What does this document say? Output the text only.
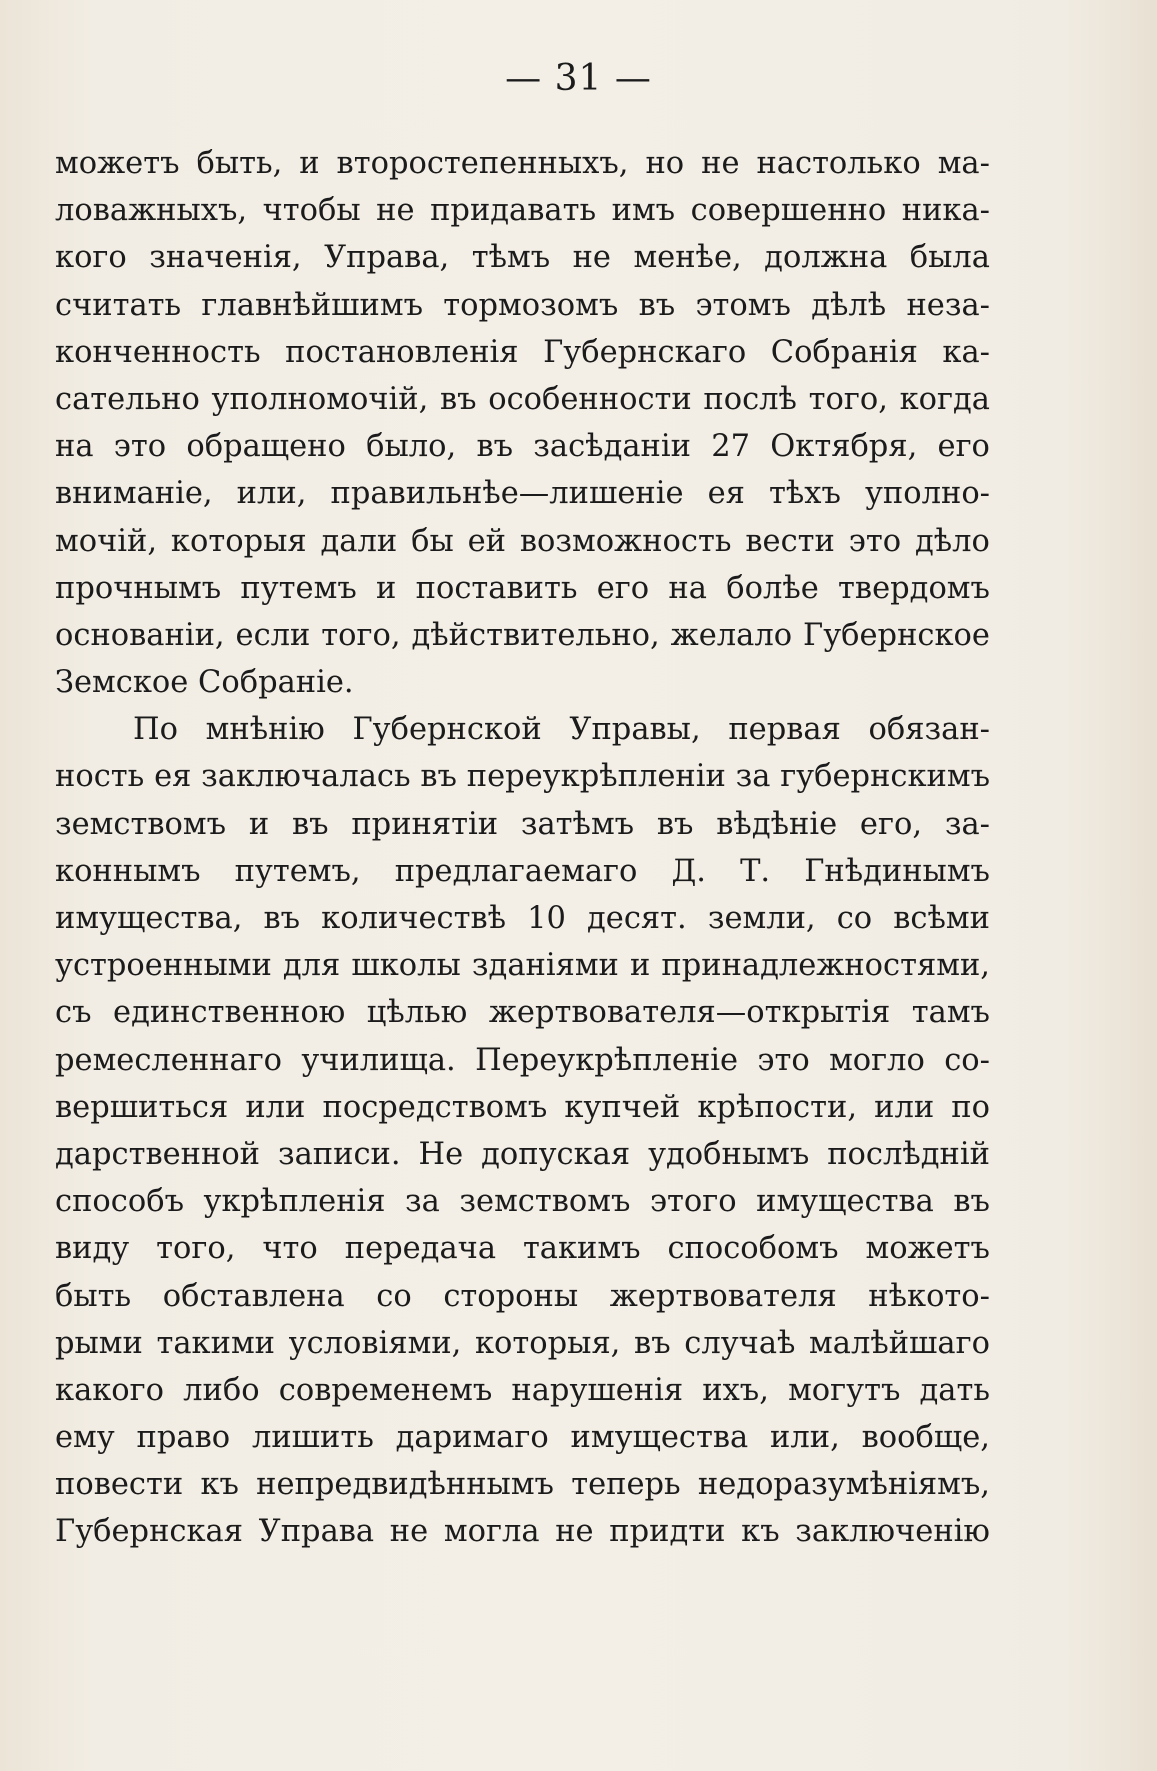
— 31 —
можетъ быть, и второстепенныхъ, но не настолько ма-
ловажныхъ, чтобы не придавать имъ совершенно никa-
кого значенія, Управа, тѣмъ не менѣе, должна была
считать главнѣйшимъ тормозомъ въ этомъ дѣлѣ неза-
конченность постановленія Губернскаго Собранія ка-
сательно уполномочій, въ особенности послѣ того, когда
на это обращено было, въ засѣданіи 27 Октября, его
вниманіе, или, правильнѣе—лишеніе ея тѣхъ уполно-
мочій, которыя дали бы ей возможность вести это дѣло
прочнымъ путемъ и поставить его на болѣе твердомъ
основаніи, если того, дѣйствительно, желало Губернское
Земское Собраніе.
По мнѣнію Губернской Управы, первая обязан-
ность ея заключалась въ переукрѣпленіи за губернскимъ
земствомъ и въ принятіи затѣмъ въ вѣдѣніе его, за-
коннымъ путемъ, предлагаемаго Д. Т. Гнѣдинымъ
имущества, въ количествѣ 10 десят. земли, со всѣми
устроенными для школы зданіями и принадлежностями,
съ единственною цѣлью жертвователя—открытія тамъ
ремесленнаго училища. Переукрѣпленіе это могло со-
вершиться или посредствомъ купчей крѣпости, или по
дарственной записи. Не допуская удобнымъ послѣдній
способъ укрѣпленія за земствомъ этого имущества въ
виду того, что передача такимъ способомъ можетъ
быть обставлена со стороны жертвователя нѣкото-
рыми такими условіями, которыя, въ случаѣ малѣйшаго
какого либо современемъ нарушенія ихъ, могутъ дать
ему право лишить даримаго имущества или, вообще,
повести къ непредвидѣннымъ теперь недоразумѣніямъ,
Губернская Управа не могла не придти къ заключенію
